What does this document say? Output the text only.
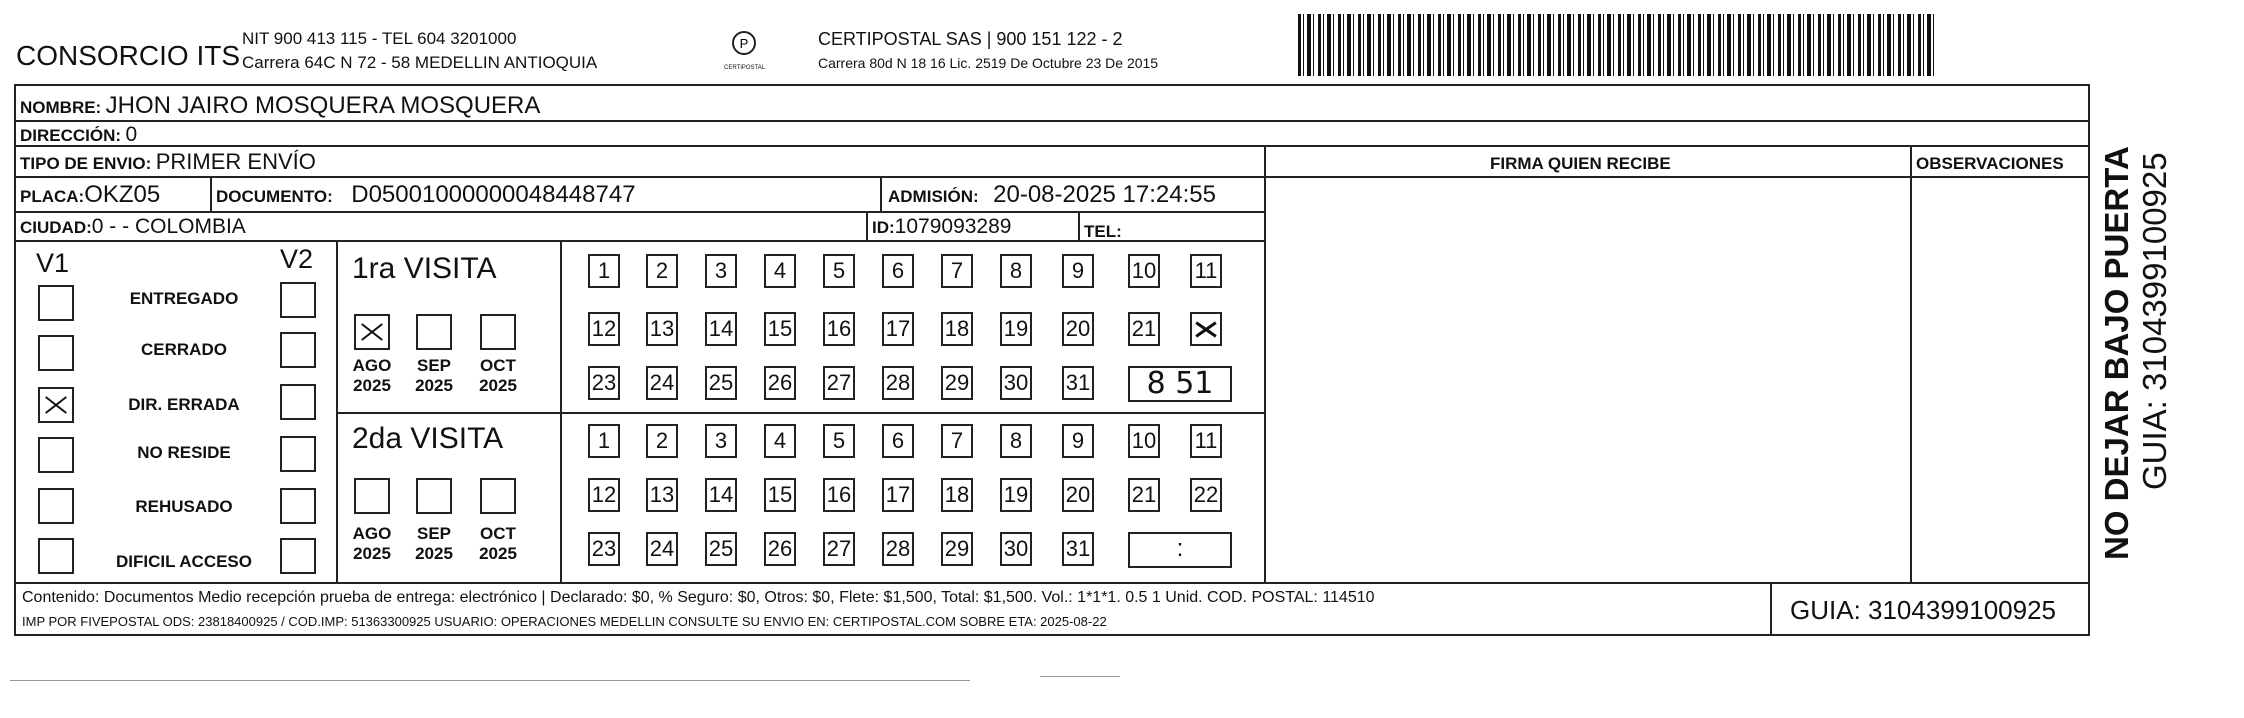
CONSORCIO ITS
NIT 900 413 115 - TEL 604 3201000
Carrera 64C N 72 - 58 MEDELLIN ANTIOQUIA
P
CERTIPOSTAL
CERTIPOSTAL SAS | 900 151 122 - 2
Carrera 80d N 18 16 Lic. 2519 De Octubre 23 De 2015
NOMBRE: JHON JAIRO MOSQUERA MOSQUERA
DIRECCIÓN: 0
TIPO DE ENVIO: PRIMER ENVÍO	FIRMA QUIEN RECIBE	OBSERVACIONES
PLACA:OKZ05	DOCUMENTO: D05001000000048448747	ADMISIÓN: 20-08-2025 17:24:55
CIUDAD:0 - - COLOMBIA	ID:1079093289	TEL:
V1	V2
ENTREGADO
CERRADO
DIR. ERRADA
NO RESIDE
REHUSADO
DIFICIL ACCESO
1ra VISITA
AGO 2025
SEP 2025
OCT 2025
1	2	3	4	5	6	7	8	9	10 11
12 13 14 15 16 17 18 19 20 21
23 24 25 26 27 28 29 30 31	8 51
2da VISITA
AGO 2025
SEP 2025
OCT 2025
1	2	3	4	5	6	7	8	9	10 11
12 13 14 15 16 17 18 19 20 21 22
23 24 25 26 27 28 29 30 31	:
Contenido: Documentos Medio recepción prueba de entrega: electrónico | Declarado: $0, % Seguro: $0, Otros: $0, Flete: $1,500, Total: $1,500. Vol.: 1*1*1. 0.5 1 Unid. COD. POSTAL: 114510
IMP POR FIVEPOSTAL ODS: 23818400925 / COD.IMP: 51363300925 USUARIO: OPERACIONES MEDELLIN CONSULTE SU ENVIO EN: CERTIPOSTAL.COM SOBRE ETA: 2025-08-22	GUIA: 3104399100925
NO DEJAR BAJO PUERTA GUIA: 3104399100925
